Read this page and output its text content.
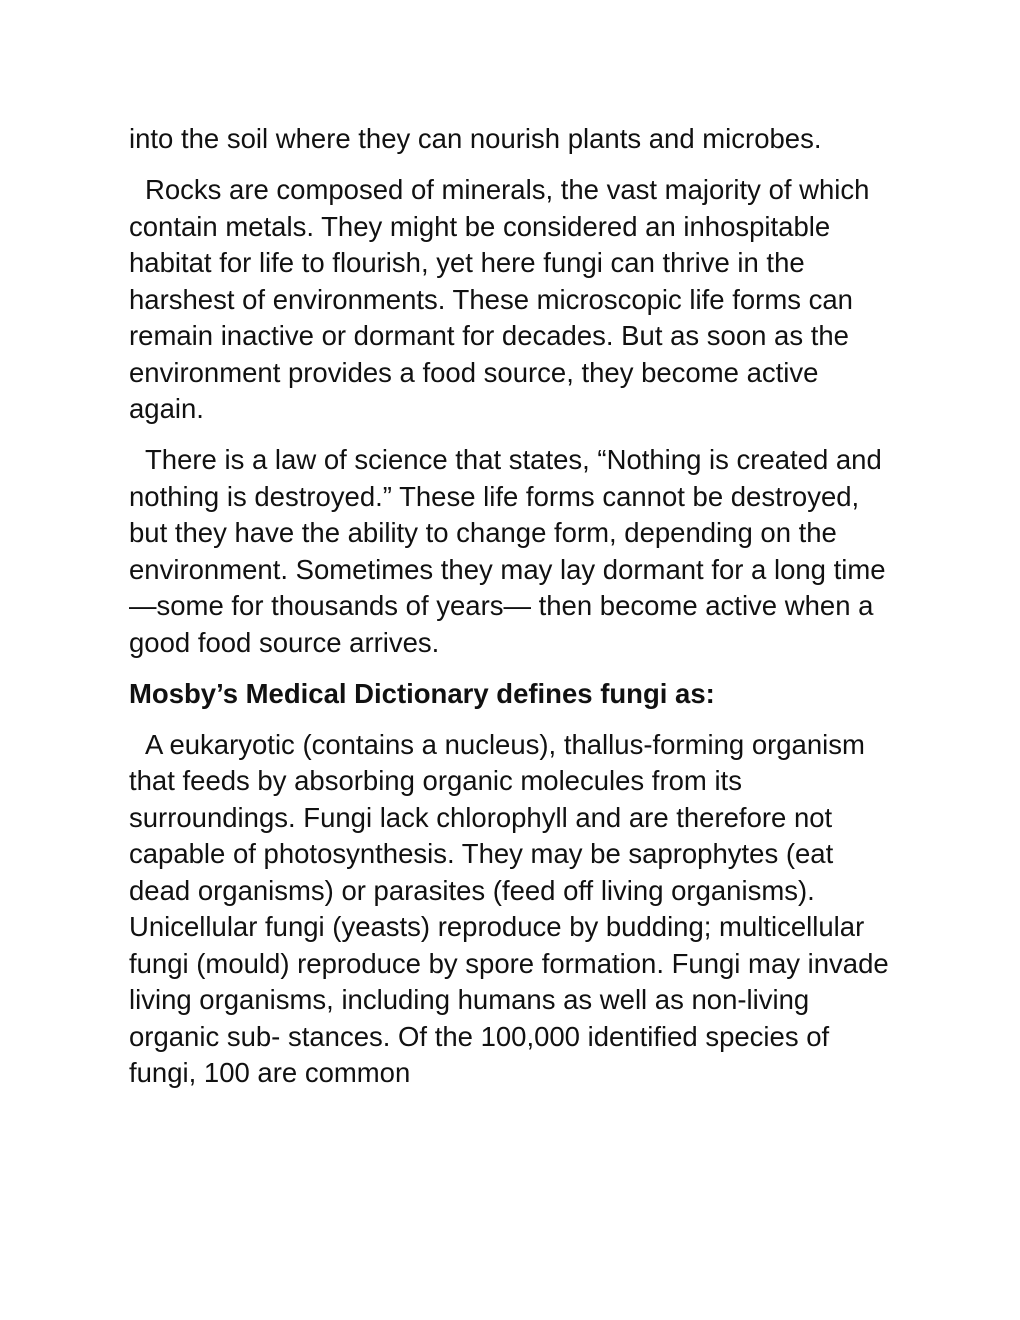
into the soil where they can nourish plants and microbes.

Rocks are composed of minerals, the vast majority of which contain metals. They might be considered an inhospitable habitat for life to flourish, yet here fungi can thrive in the harshest of environments. These microscopic life forms can remain inactive or dormant for decades. But as soon as the environment provides a food source, they become active again.

There is a law of science that states, “Nothing is created and nothing is destroyed.” These life forms cannot be destroyed, but they have the ability to change form, depending on the environment. Sometimes they may lay dormant for a long time—some for thousands of years— then become active when a good food source arrives.

Mosby’s Medical Dictionary defines fungi as:

A eukaryotic (contains a nucleus), thallus-forming organism that feeds by absorbing organic molecules from its surroundings. Fungi lack chlorophyll and are therefore not capable of photosynthesis. They may be saprophytes (eat dead organisms) or parasites (feed off living organisms). Unicellular fungi (yeasts) reproduce by budding; multicellular fungi (mould) reproduce by spore formation. Fungi may invade living organisms, including humans as well as non-living organic sub- stances. Of the 100,000 identified species of fungi, 100 are common
